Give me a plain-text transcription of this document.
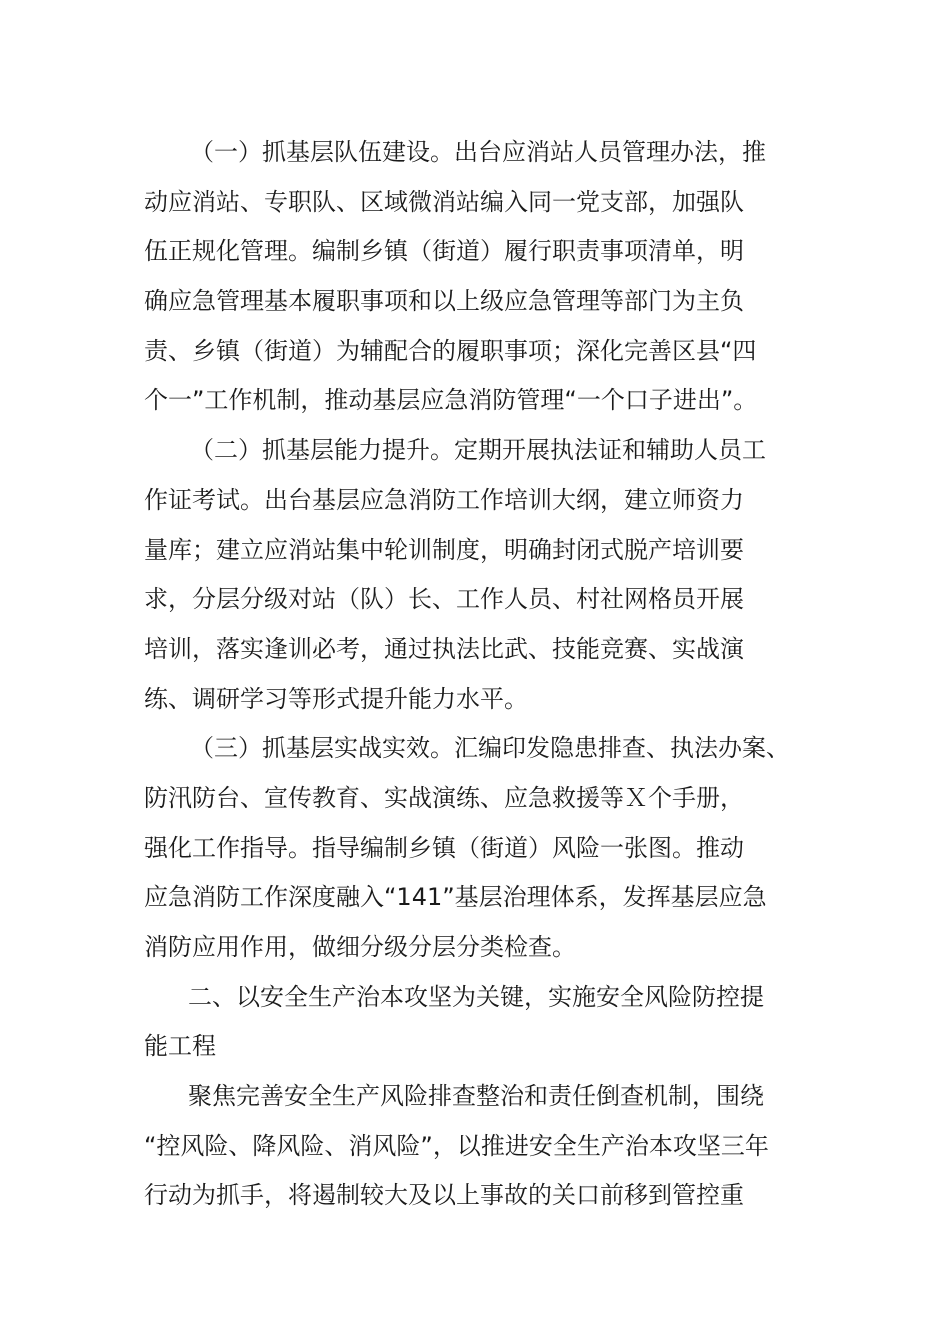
（一）抓基层队伍建设。出台应消站人员管理办法，推
动应消站、专职队、区域微消站编入同一党支部，加强队
伍正规化管理。编制乡镇（街道）履行职责事项清单，明
确应急管理基本履职事项和以上级应急管理等部门为主负
责、乡镇（街道）为辅配合的履职事项；深化完善区县“四
个一”工作机制，推动基层应急消防管理“一个口子进出”。
（二）抓基层能力提升。定期开展执法证和辅助人员工
作证考试。出台基层应急消防工作培训大纲，建立师资力
量库；建立应消站集中轮训制度，明确封闭式脱产培训要
求，分层分级对站（队）长、工作人员、村社网格员开展
培训，落实逢训必考，通过执法比武、技能竞赛、实战演
练、调研学习等形式提升能力水平。
（三）抓基层实战实效。汇编印发隐患排查、执法办案、
防汛防台、宣传教育、实战演练、应急救援等Ｘ个手册，
强化工作指导。指导编制乡镇（街道）风险一张图。推动
应急消防工作深度融入“141”基层治理体系，发挥基层应急
消防应用作用，做细分级分层分类检查。
二、以安全生产治本攻坚为关键，实施安全风险防控提
能工程
聚焦完善安全生产风险排查整治和责任倒查机制，围绕
“控风险、降风险、消风险”，以推进安全生产治本攻坚三年
行动为抓手，将遏制较大及以上事故的关口前移到管控重
